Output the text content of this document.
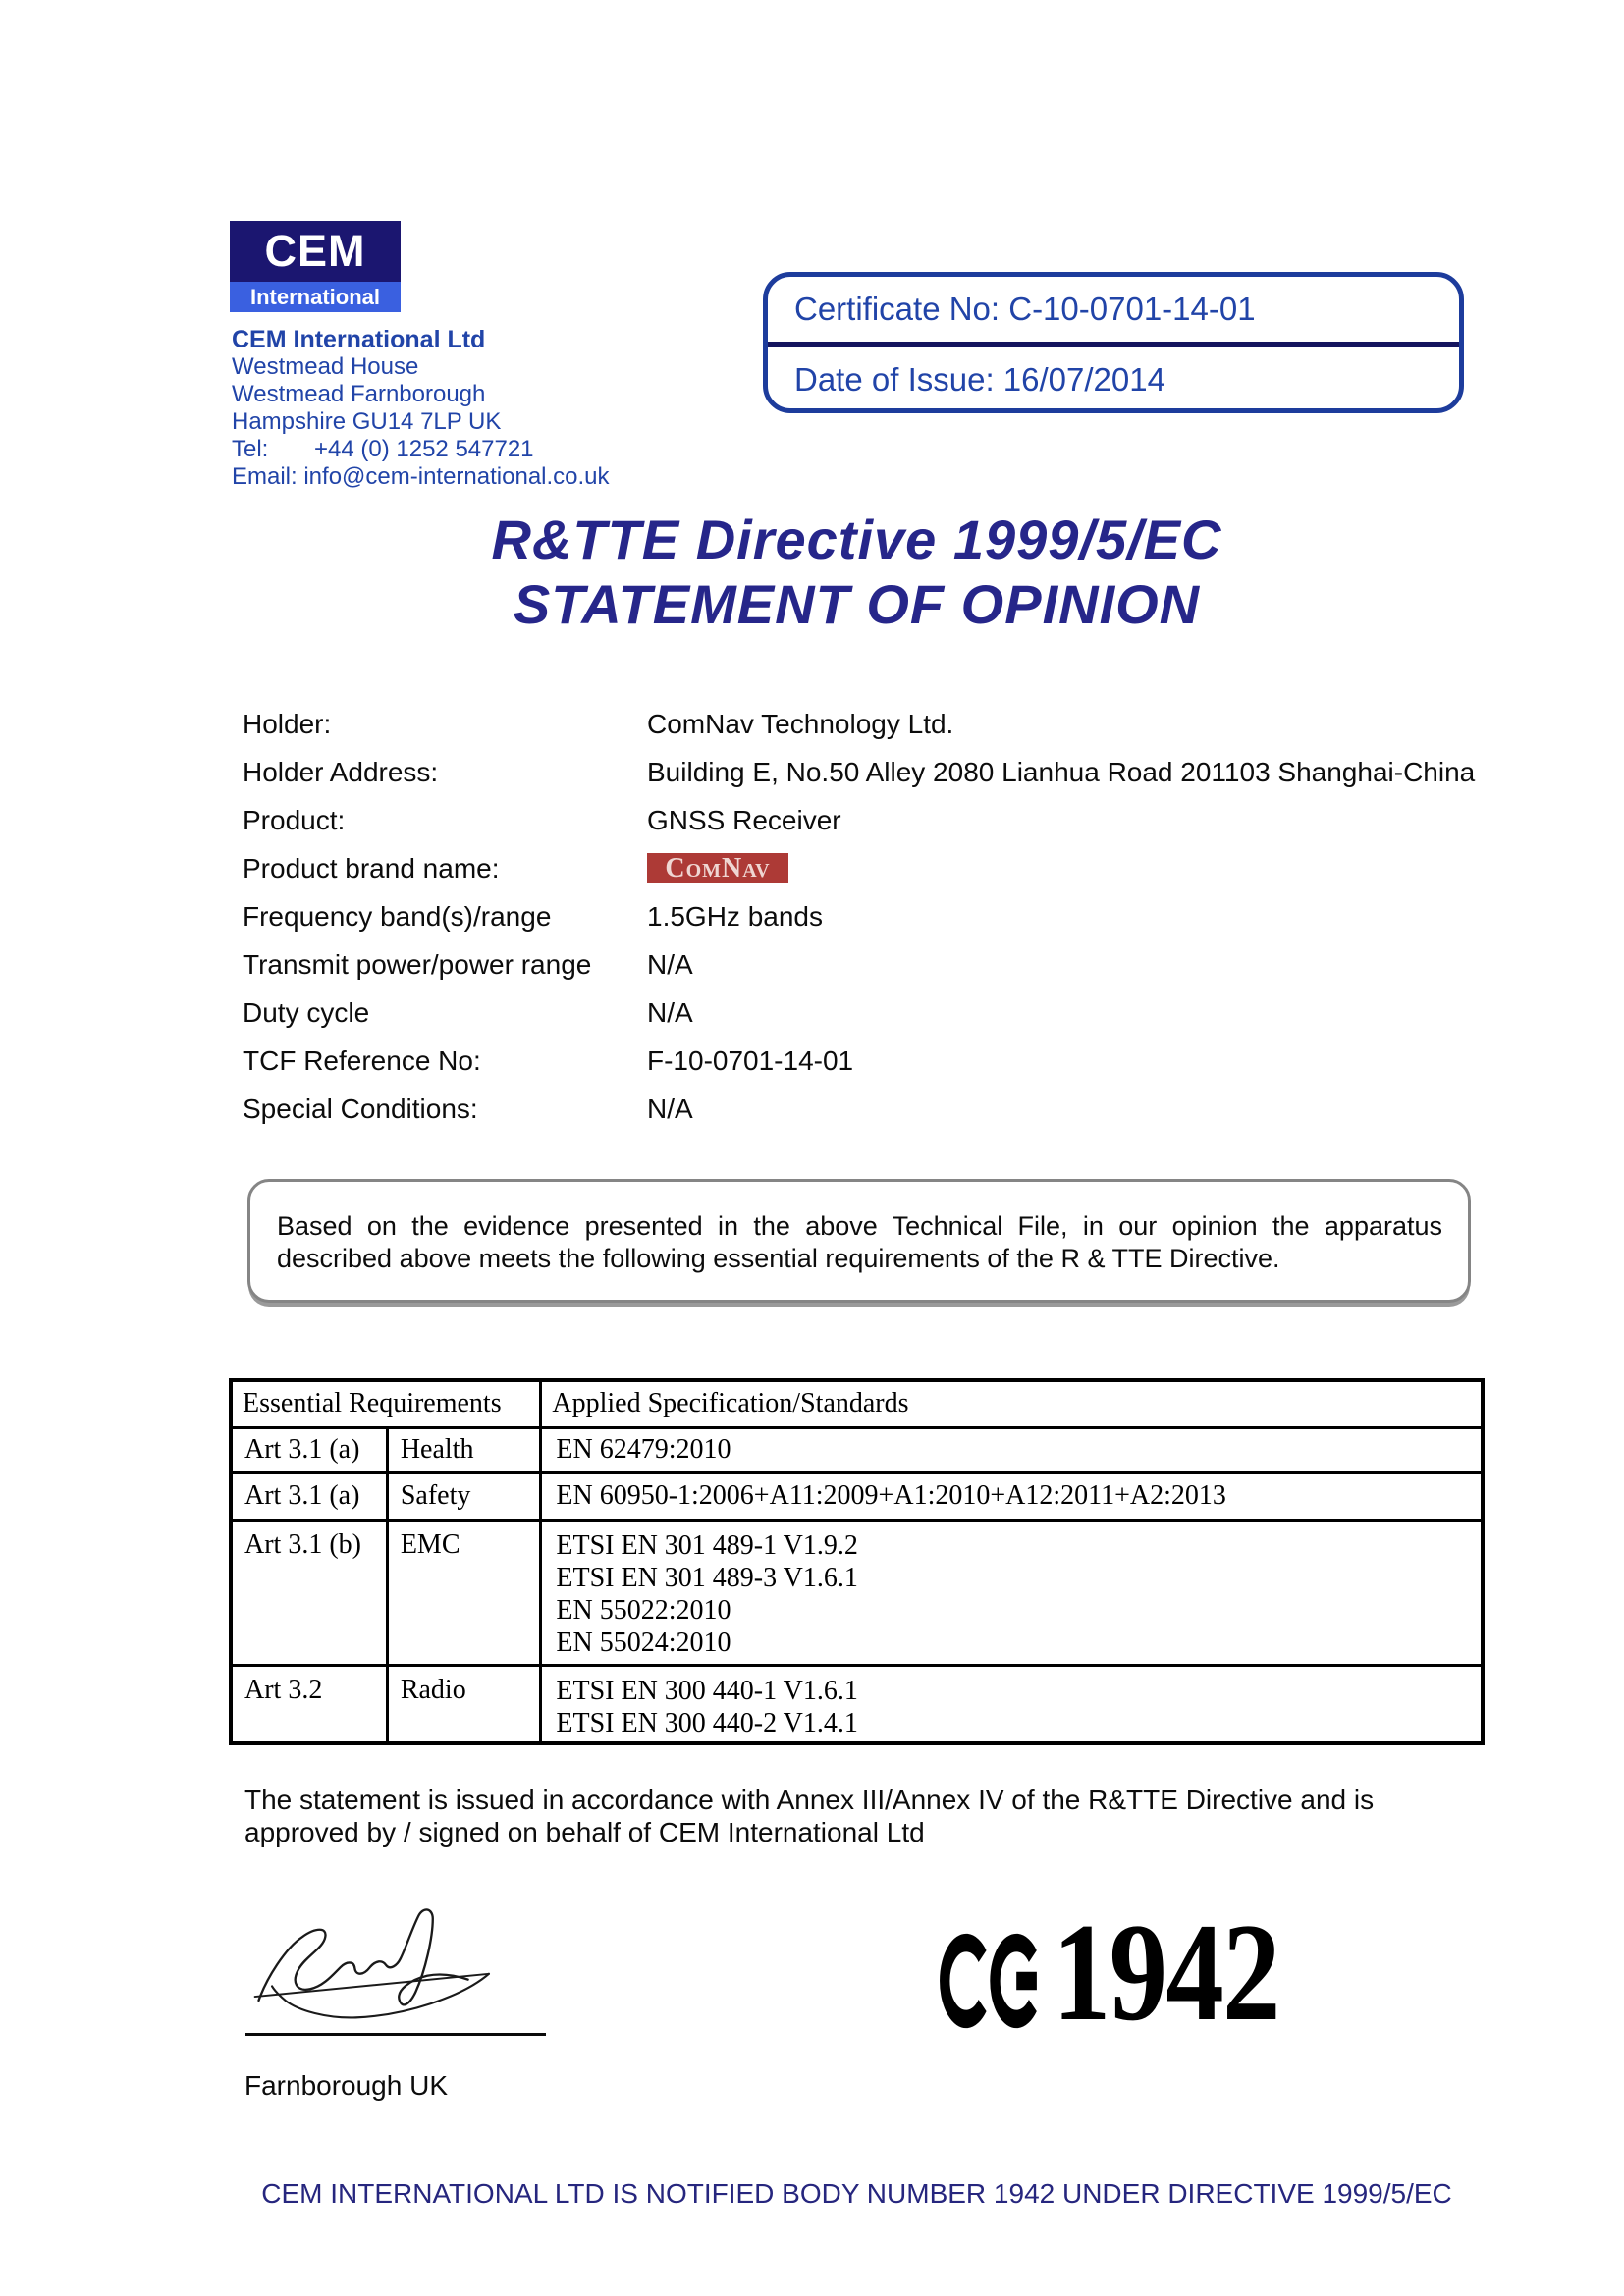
CEM
International
CEM International Ltd
Westmead House
Westmead Farnborough
Hampshire GU14 7LP UK
Tel:	+44 (0) 1252 547721
Email: info@cem-international.co.uk
Certificate No: C-10-0701-14-01
Date of Issue: 16/07/2014
R&TTE Directive 1999/5/EC
STATEMENT OF OPINION
Holder:	ComNav Technology Ltd.
Holder Address:	Building E, No.50 Alley 2080 Lianhua Road 201103 Shanghai-China
Product:	GNSS Receiver
Product brand name:	ComNav
Frequency band(s)/range	1.5GHz bands
Transmit power/power range	N/A
Duty cycle	N/A
TCF Reference No:	F-10-0701-14-01
Special Conditions:	N/A
Based on the evidence presented in the above Technical File, in our opinion the apparatus described above meets the following essential requirements of the R & TTE Directive.
Essential Requirements		Applied Specification/Standards
Art 3.1 (a)	Health	EN 62479:2010
Art 3.1 (a)	Safety	EN 60950-1:2006+A11:2009+A1:2010+A12:2011+A2:2013
Art 3.1 (b)	EMC	ETSI EN 301 489-1 V1.9.2
ETSI EN 301 489-3 V1.6.1
EN 55022:2010
EN 55024:2010

Art 3.2	Radio	ETSI EN 300 440-1 V1.6.1
ETSI EN 300 440-2 V1.4.1
The statement is issued in accordance with Annex III/Annex IV of the R&TTE Directive and is approved by / signed on behalf of CEM International Ltd
Farnborough UK
1942
CEM INTERNATIONAL LTD IS NOTIFIED BODY NUMBER 1942 UNDER DIRECTIVE 1999/5/EC
